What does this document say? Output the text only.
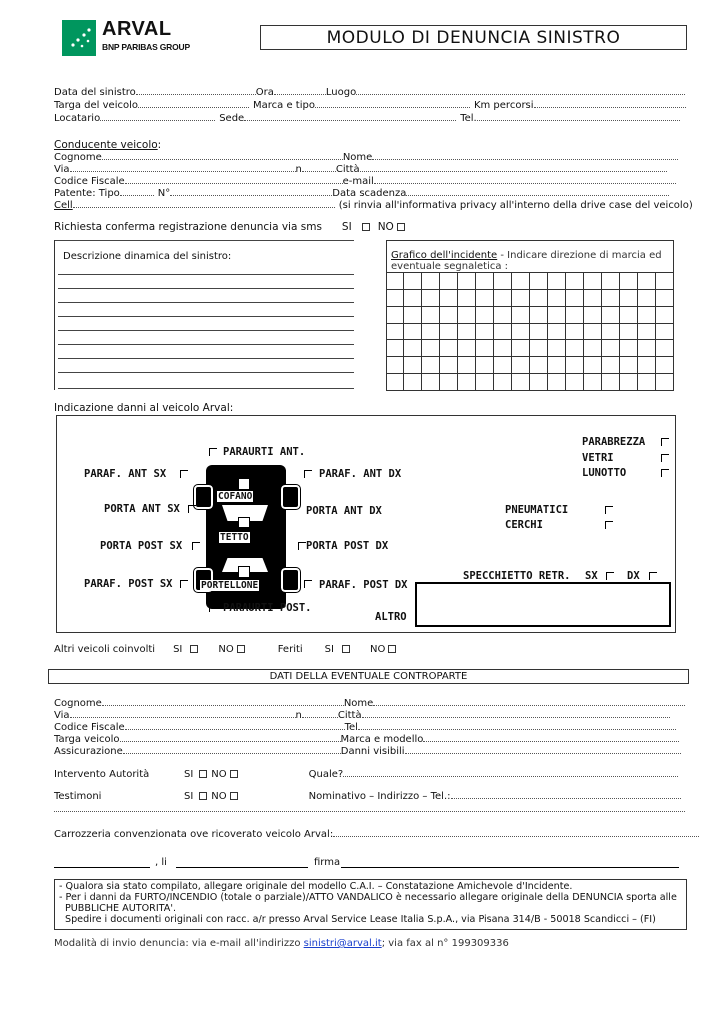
ARVAL
BNP PARIBAS GROUP	MODULO DI DENUNCIA SINISTRO
Data del sinistro	Ora	Luogo
Targa del veicolo	Marca e tipo	Km percorsi
Locatario	Sede	Tel.
Conducente veicolo:
Cognome	Nome
Via	n	Città
Codice Fiscale	e-mail
Patente: Tipo	N°	Data scadenza
Cell	(si rinvia all'informativa privacy all'interno della drive case del veicolo)
Richiesta conferma registrazione denuncia via sms SI NO
Descrizione dinamica del sinistro:	Grafico dell'incidente - Indicare direzione di marcia ed eventuale segnaletica :
Indicazione danni al veicolo Arval:
COFANO
TETTO
PORTELLONE
PARAURTI ANT.
PARAF. ANT SX	PARAF. ANT DX
PORTA ANT SX	PORTA ANT DX
PORTA POST SX	PORTA POST DX
PARAF. POST SX	PARAF. POST DX
PARAURTI POST.
PARABREZZA
VETRI
LUNOTTO
PNEUMATICI
CERCHI
SPECCHIETTO RETR. SX	DX
ALTRO
Altri veicoli coinvolti SI	NO	Feriti SI	NO
DATI DELLA EVENTUALE CONTROPARTE
Cognome	Nome
Via	n	Città
Codice Fiscale	Tel
Targa veicolo	Marca e modello
Assicurazione	Danni visibili
Intervento Autorità	SI NO	Quale?
Testimoni	SI NO	Nominativo – Indirizzo – Tel.:
Carrozzeria convenzionata ove ricoverato veicolo Arval:
, li	firma
- Qualora sia stato compilato, allegare originale del modello C.A.I. – Constatazione Amichevole d'Incidente.
- Per i danni da FURTO/INCENDIO (totale o parziale)/ATTO VANDALICO è necessario allegare originale della DENUNCIA sporta alle
PUBBLICHE AUTORITA'.
Spedire i documenti originali con racc. a/r presso Arval Service Lease Italia S.p.A., via Pisana 314/B - 50018 Scandicci – (FI)
Modalità di invio denuncia: via e-mail all'indirizzo sinistri@arval.it; via fax al n° 199309336
